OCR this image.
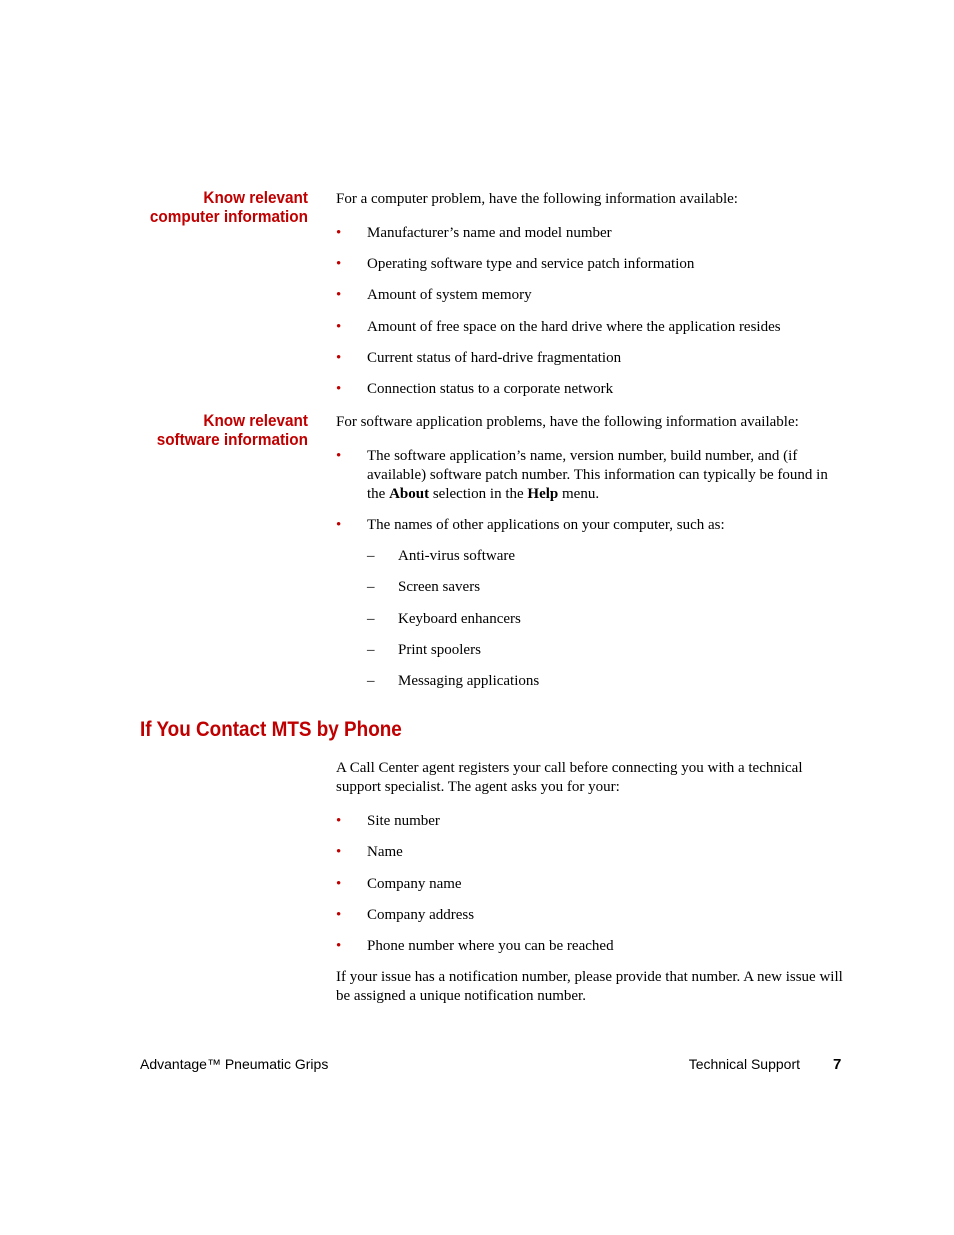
Know relevant
computer information
For a computer problem, have the following information available:
• Manufacturer’s name and model number
• Operating software type and service patch information
• Amount of system memory
• Amount of free space on the hard drive where the application resides
• Current status of hard-drive fragmentation
• Connection status to a corporate network
Know relevant
software information
For software application problems, have the following information available:
• The software application’s name, version number, build number, and (if available) software patch number. This information can typically be found in the About selection in the Help menu.
• The names of other applications on your computer, such as:
– Anti-virus software
– Screen savers
– Keyboard enhancers
– Print spoolers
– Messaging applications
If You Contact MTS by Phone
A Call Center agent registers your call before connecting you with a technical support specialist. The agent asks you for your:
• Site number
• Name
• Company name
• Company address
• Phone number where you can be reached
If your issue has a notification number, please provide that number. A new issue will be assigned a unique notification number.
Advantage™ Pneumatic Grips	Technical Support 7
